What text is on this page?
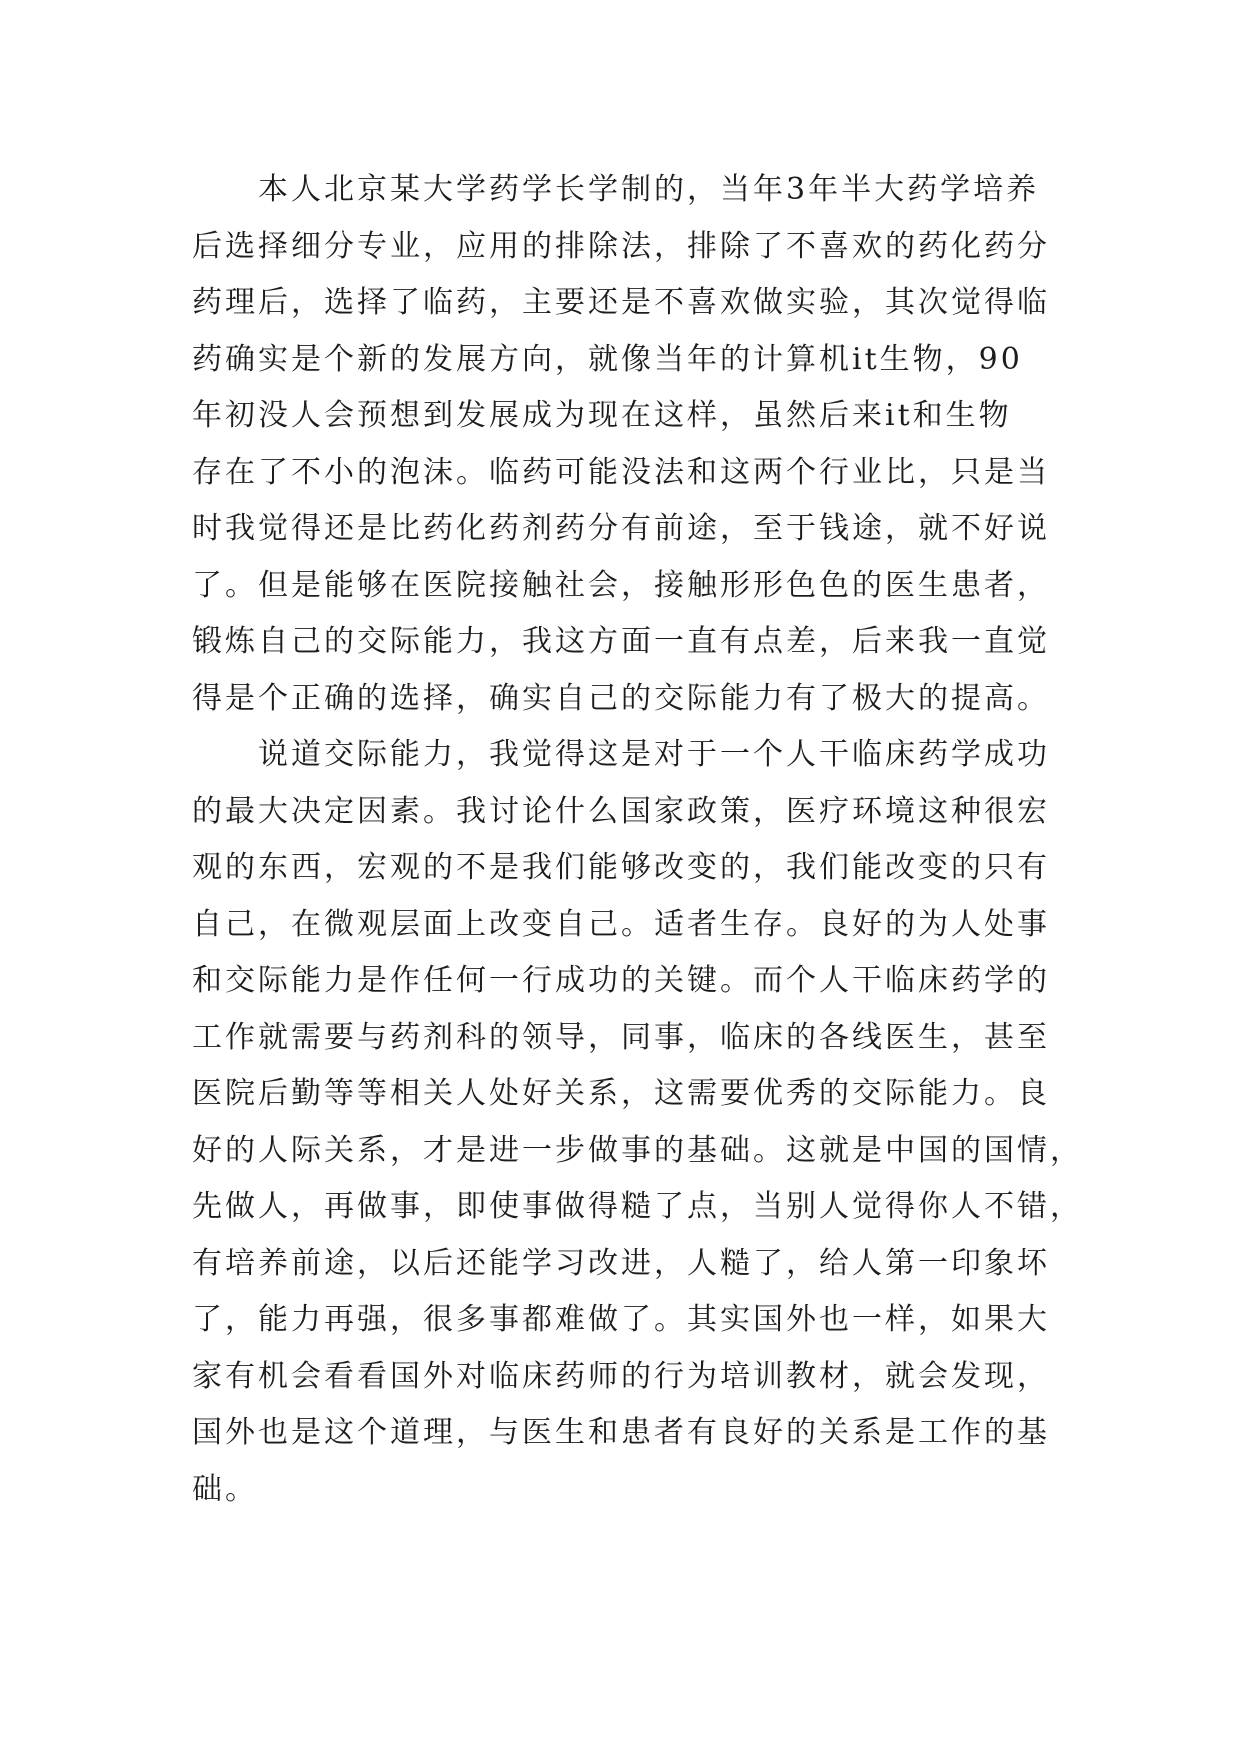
　　本人北京某大学药学长学制的，当年3年半大药学培养
后选择细分专业，应用的排除法，排除了不喜欢的药化药分
药理后，选择了临药，主要还是不喜欢做实验，其次觉得临
药确实是个新的发展方向，就像当年的计算机it生物，90
年初没人会预想到发展成为现在这样，虽然后来it和生物
存在了不小的泡沫。临药可能没法和这两个行业比，只是当
时我觉得还是比药化药剂药分有前途，至于钱途，就不好说
了。但是能够在医院接触社会，接触形形色色的医生患者，
锻炼自己的交际能力，我这方面一直有点差，后来我一直觉
得是个正确的选择，确实自己的交际能力有了极大的提高。

　　说道交际能力，我觉得这是对于一个人干临床药学成功
的最大决定因素。我讨论什么国家政策，医疗环境这种很宏
观的东西，宏观的不是我们能够改变的，我们能改变的只有
自己，在微观层面上改变自己。适者生存。良好的为人处事
和交际能力是作任何一行成功的关键。而个人干临床药学的
工作就需要与药剂科的领导，同事，临床的各线医生，甚至
医院后勤等等相关人处好关系，这需要优秀的交际能力。良
好的人际关系，才是进一步做事的基础。这就是中国的国情，
先做人，再做事，即使事做得糙了点，当别人觉得你人不错，
有培养前途，以后还能学习改进，人糙了，给人第一印象坏
了，能力再强，很多事都难做了。其实国外也一样，如果大
家有机会看看国外对临床药师的行为培训教材，就会发现，
国外也是这个道理，与医生和患者有良好的关系是工作的基
础。
